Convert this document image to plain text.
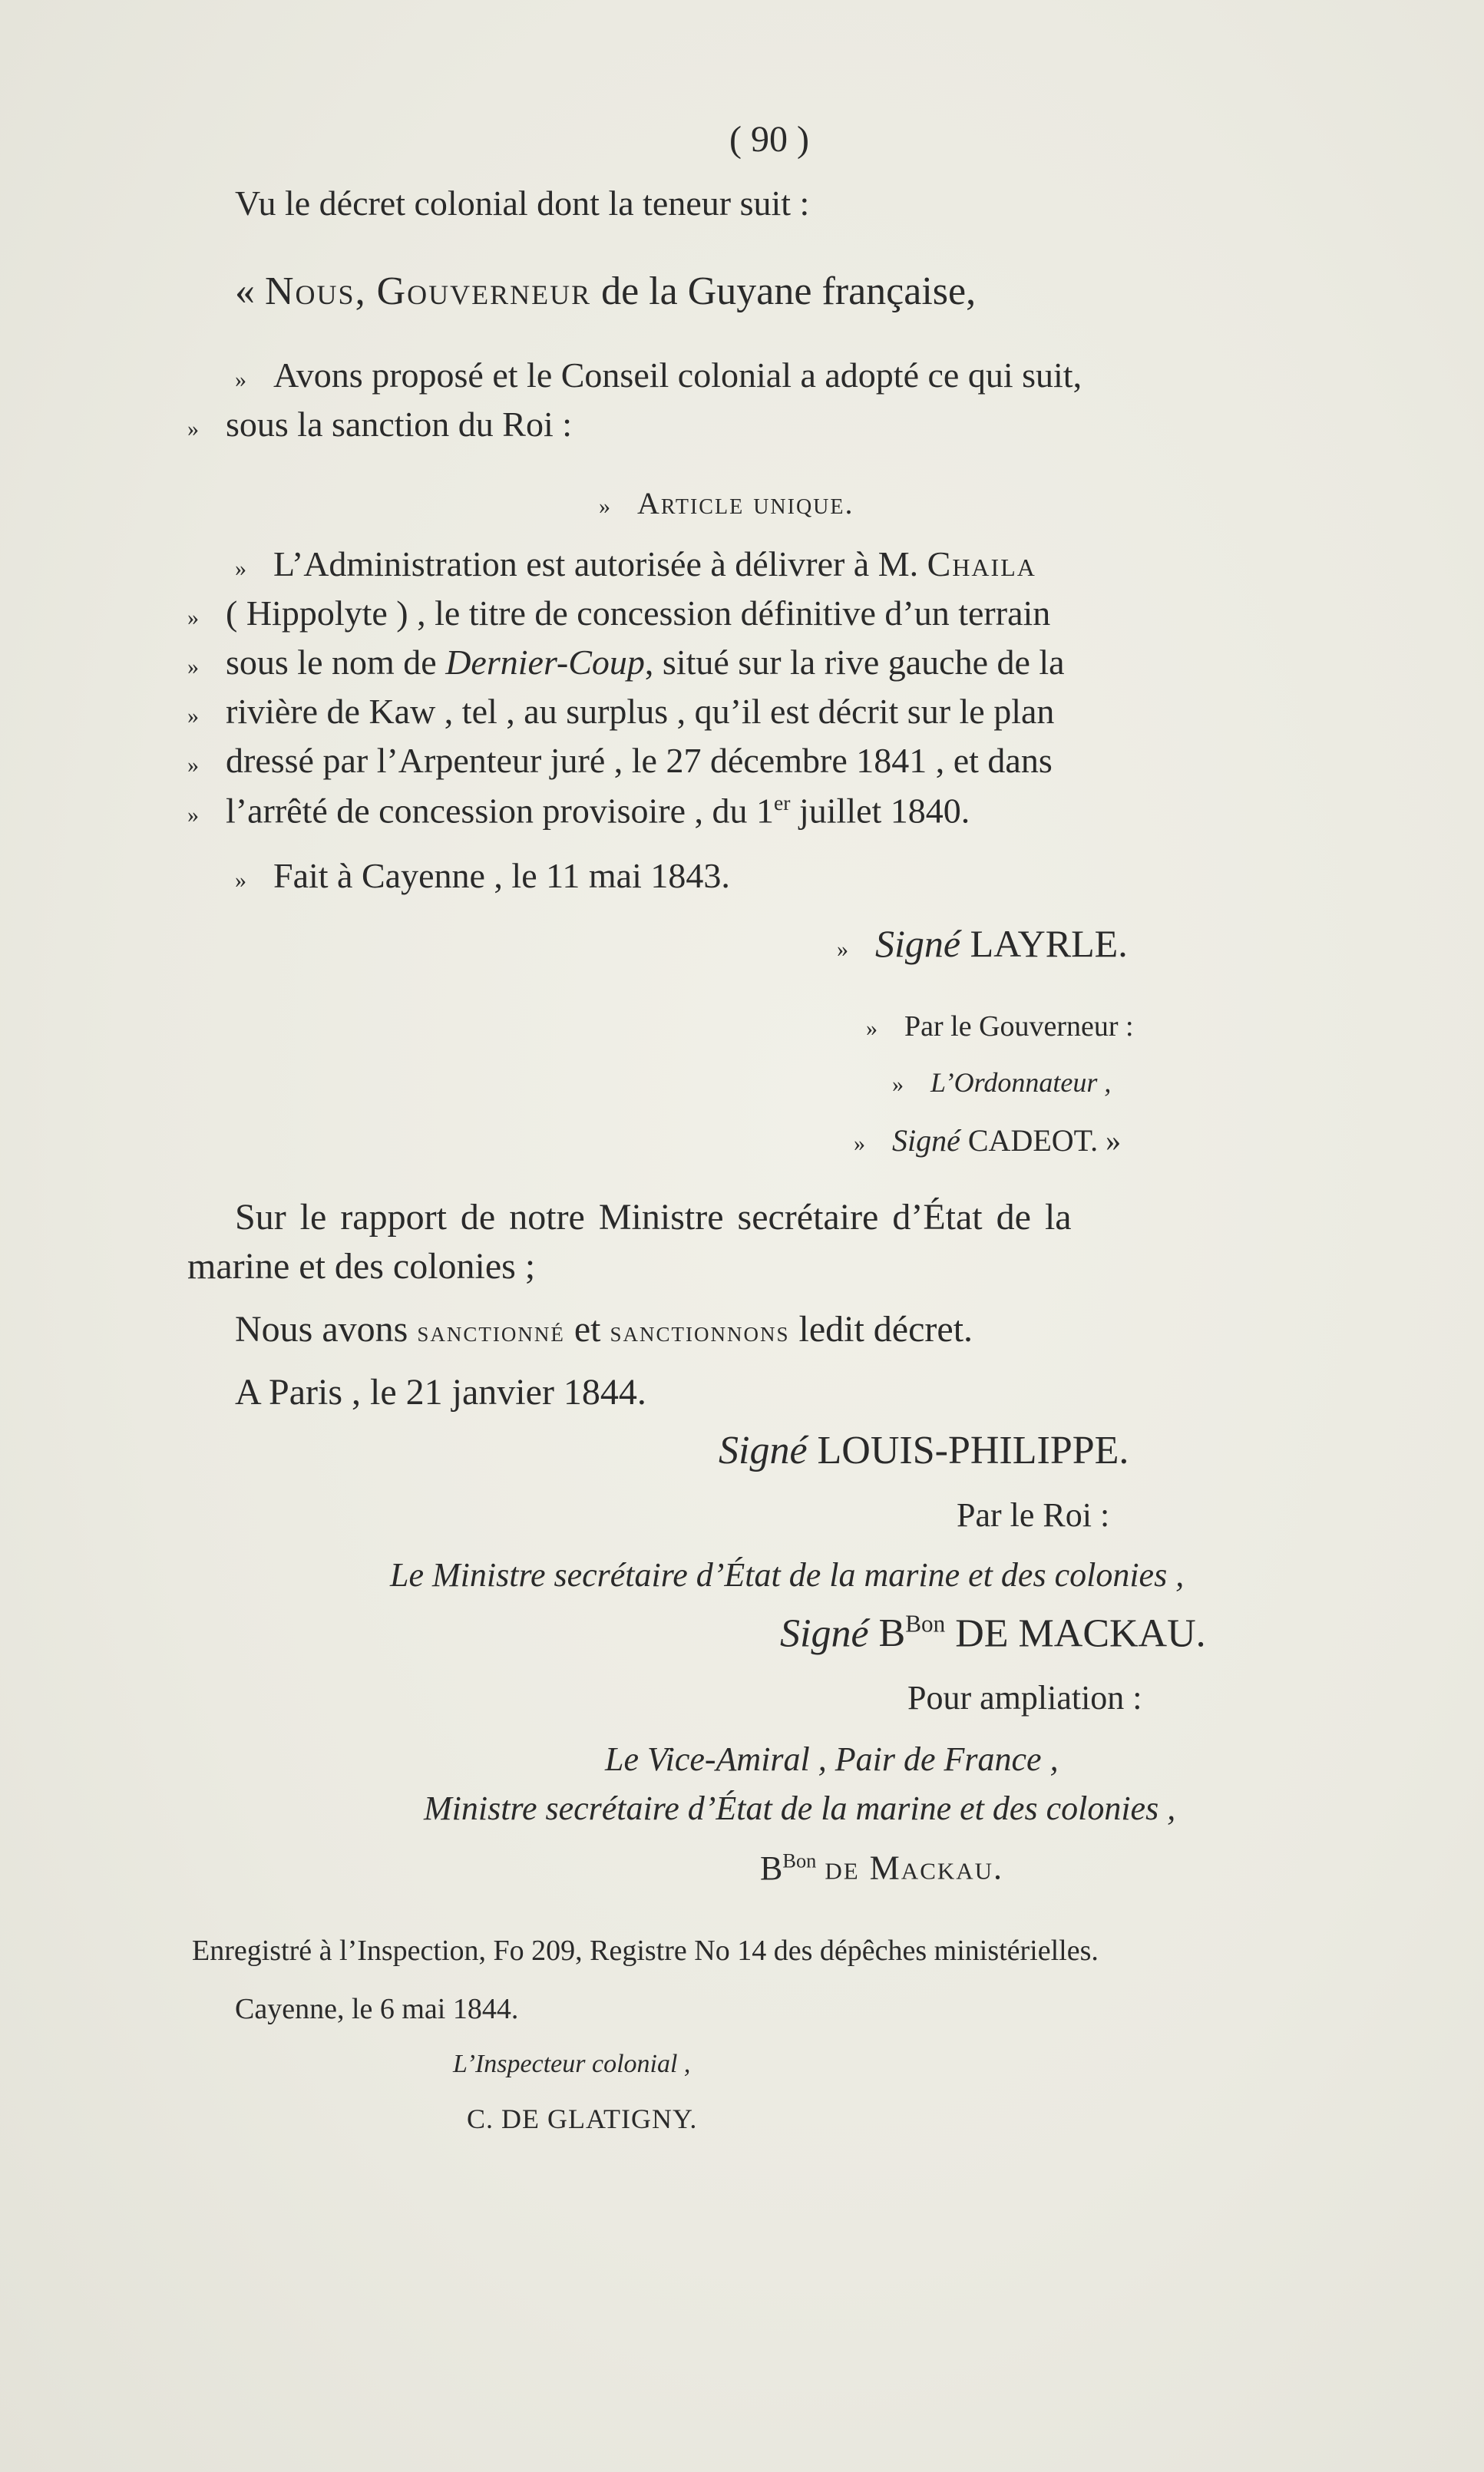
( 90 )
Vu le décret colonial dont la teneur suit :
« Nous, Gouverneur de la Guyane française,
» Avons proposé et le Conseil colonial a adopté ce qui suit,
» sous la sanction du Roi :
» Article unique.
» L’Administration est autorisée à délivrer à M. Chaila
» ( Hippolyte ) , le titre de concession définitive d’un terrain
» sous le nom de Dernier-Coup, situé sur la rive gauche de la
» rivière de Kaw , tel , au surplus , qu’il est décrit sur le plan
» dressé par l’Arpenteur juré , le 27 décembre 1841 , et dans
» l’arrêté de concession provisoire , du 1er juillet 1840.
» Fait à Cayenne , le 11 mai 1843.
» Signé LAYRLE.
» Par le Gouverneur :
» L’Ordonnateur ,
» Signé CADEOT. »
Sur le rapport de notre Ministre secrétaire d’État de la
marine et des colonies ;
Nous avons sanctionné et sanctionnons ledit décret.
A Paris , le 21 janvier 1844.
Signé LOUIS-PHILIPPE.
Par le Roi :
Le Ministre secrétaire d’État de la marine et des colonies ,
Signé $B^{Bon}$ DE MACKAU.
Pour ampliation :
Le Vice-Amiral , Pair de France ,
Ministre secrétaire d’État de la marine et des colonies ,
$B^{Bon}$ de Mackau.
Enregistré à l’Inspection, Fo 209, Registre No 14 des dépêches ministérielles.
Cayenne, le 6 mai 1844.
L’Inspecteur colonial ,
C. DE GLATIGNY.
